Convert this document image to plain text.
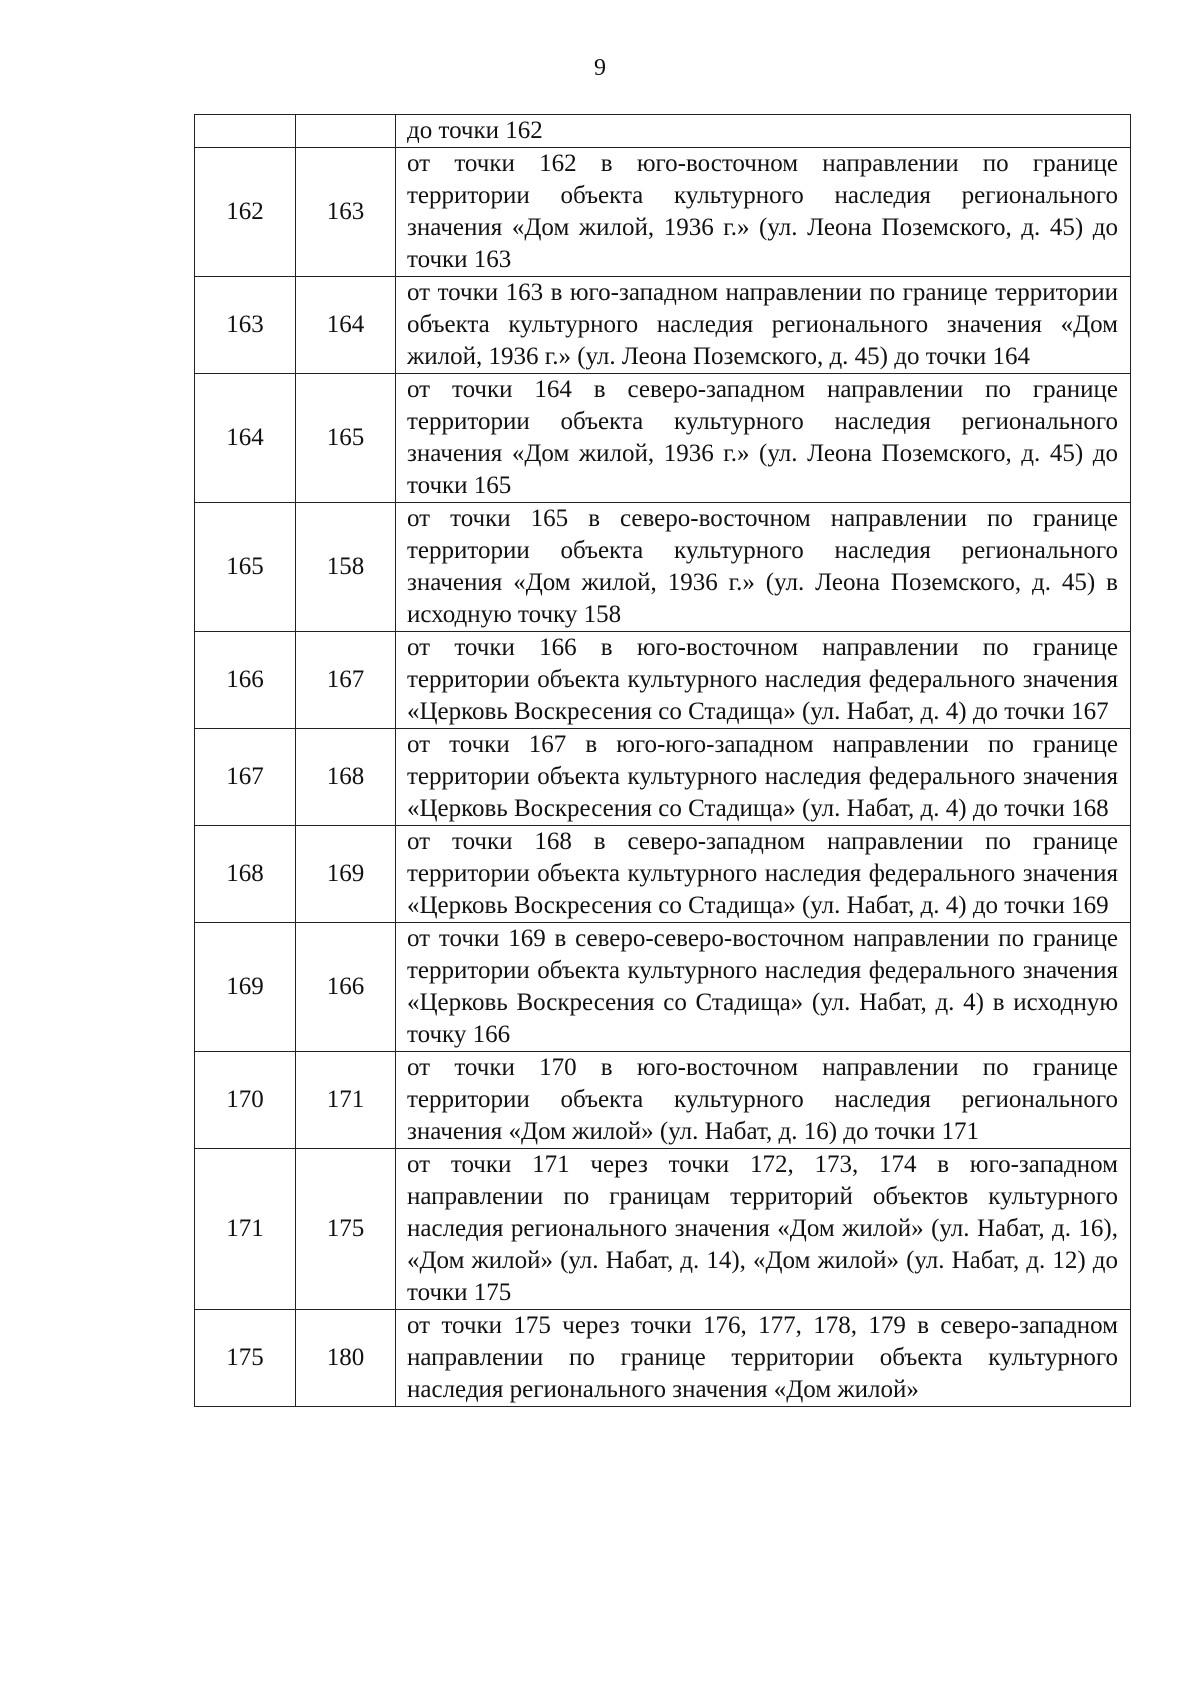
9
		до точки 162
162	163	от точки 162 в юго-восточном направлении по границе территории объекта культурного наследия регионального значения «Дом жилой, 1936 г.» (ул. Леона Поземского, д. 45) до точки 163
163	164	от точки 163 в юго-западном направлении по границе территории объекта культурного наследия регионального значения «Дом жилой, 1936 г.» (ул. Леона Поземского, д. 45) до точки 164
164	165	от точки 164 в северо-западном направлении по границе территории объекта культурного наследия регионального значения «Дом жилой, 1936 г.» (ул. Леона Поземского, д. 45) до точки 165
165	158	от точки 165 в северо-восточном направлении по границе территории объекта культурного наследия регионального значения «Дом жилой, 1936 г.» (ул. Леона Поземского, д. 45) в исходную точку 158
166	167	от точки 166 в юго-восточном направлении по границе территории объекта культурного наследия федерального значения «Церковь Воскресения со Стадища» (ул. Набат, д. 4) до точки 167
167	168	от точки 167 в юго-юго-западном направлении по границе территории объекта культурного наследия федерального значения «Церковь Воскресения со Стадища» (ул. Набат, д. 4) до точки 168
168	169	от точки 168 в северо-западном направлении по границе территории объекта культурного наследия федерального значения «Церковь Воскресения со Стадища» (ул. Набат, д. 4) до точки 169
169	166	от точки 169 в северо-северо-восточном направлении по границе территории объекта культурного наследия федерального значения «Церковь Воскресения со Стадища» (ул. Набат, д. 4) в исходную точку 166
170	171	от точки 170 в юго-восточном направлении по границе территории объекта культурного наследия регионального значения «Дом жилой» (ул. Набат, д. 16) до точки 171
171	175	от точки 171 через точки 172, 173, 174 в юго-западном направлении по границам территорий объектов культурного наследия регионального значения «Дом жилой» (ул. Набат, д. 16), «Дом жилой» (ул. Набат, д. 14), «Дом жилой» (ул. Набат, д. 12) до точки 175
175	180	от точки 175 через точки 176, 177, 178, 179 в северо-западном направлении по границе территории объекта культурного наследия регионального значения «Дом жилой»
